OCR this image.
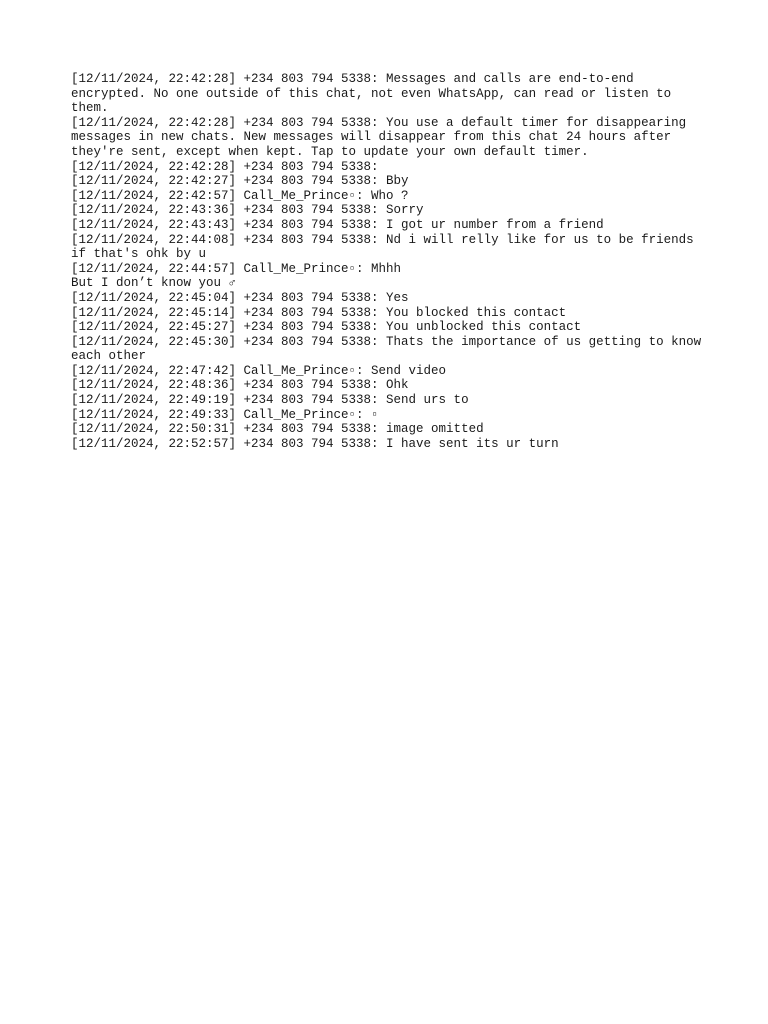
[12/11/2024, 22:42:28] +234 803 794 5338: Messages and calls are end-to-end encrypted. No one outside of this chat, not even WhatsApp, can read or listen to them.

[12/11/2024, 22:42:28] +234 803 794 5338: You use a default timer for disappearing messages in new chats. New messages will disappear from this chat 24 hours after they're sent, except when kept. Tap to update your own default timer.

[12/11/2024, 22:42:28] +234 803 794 5338:

[12/11/2024, 22:42:27] +234 803 794 5338: Bby

[12/11/2024, 22:42:57] Call_Me_Prince▫: Who ?

[12/11/2024, 22:43:36] +234 803 794 5338: Sorry

[12/11/2024, 22:43:43] +234 803 794 5338: I got ur number from a friend

[12/11/2024, 22:44:08] +234 803 794 5338: Nd i will relly like for us to be friends if that's ohk by u

[12/11/2024, 22:44:57] Call_Me_Prince▫: Mhhh

But I don’t know you ♂

[12/11/2024, 22:45:04] +234 803 794 5338: Yes

[12/11/2024, 22:45:14] +234 803 794 5338: You blocked this contact

[12/11/2024, 22:45:27] +234 803 794 5338: You unblocked this contact

[12/11/2024, 22:45:30] +234 803 794 5338: Thats the importance of us getting to know each other

[12/11/2024, 22:47:42] Call_Me_Prince▫: Send video

[12/11/2024, 22:48:36] +234 803 794 5338: Ohk

[12/11/2024, 22:49:19] +234 803 794 5338: Send urs to

[12/11/2024, 22:49:33] Call_Me_Prince▫: ▫

[12/11/2024, 22:50:31] +234 803 794 5338: image omitted

[12/11/2024, 22:52:57] +234 803 794 5338: I have sent its ur turn
